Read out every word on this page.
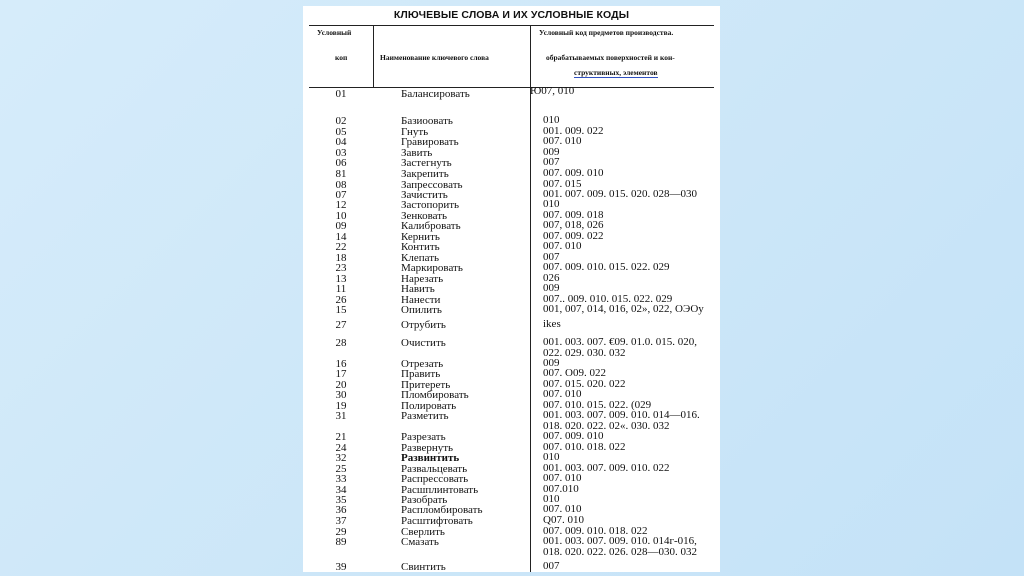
КЛЮЧЕВЫЕ СЛОВА И ИХ УСЛОВНЫЕ КОДЫ
Условный
коп	Наименование ключевого слова
Условный код предметов производства.
обрабатываемых поверхностей и кон-
структивных, элементов
01	Балансировать	Ю07, 010
02	Базиоовать	010
05	Гнуть	001. 009. 022
04	Гравировать	007. 010
03	Завить	009
06	Застегнуть	007
81	Закрепить	007. 009. 010
08	Запрессовать	007. 015
07	Зачистить	001. 007. 009. 015. 020. 028—030
12	Застопорить	010
10	Зенковать	007. 009. 018
09	Калибровать	007, 018, 026
14	Кернить	007. 009. 022
22	Контить	007. 010
18	Клепать	007
23	Маркировать	007. 009. 010. 015. 022. 029
13	Нарезать	026
11	Навить	009
26	Нанести	007.. 009. 010. 015. 022. 029
15	Опилить	001, 007, 014, 016, 02», 022, ОЭОу
27	Отрубить	ikes
28	Очистить	001. 003. 007. €09. 01.0. 015. 020,
022. 029. 030. 032
16	Отрезать	009
17	Править	007. О09. 022
20	Притереть	007. 015. 020. 022
30	Пломбировать	007. 010
19	Полировать	007. 010. 015. 022. (029
31	Разметить	001. 003. 007. 009. 010. 014—016.
018. 020. 022. 02«. 030. 032
21	Разрезать	007. 009. 010
24	Развернуть	007. 010. 018. 022
32	Развинтить	010
25	Развальцевать	001. 003. 007. 009. 010. 022
33	Распрессовать	007. 010
34	Расшплинтовать	007.010
35	Разобрать	010
36	Распломбировать	007. 010
37	Расштифтовать	Q07. 010
29	Сверлить	007. 009. 010. 018. 022
89	Смазать	001. 003. 007. 009. 010. 014г-016,
018. 020. 022. 026. 028—030. 032
39	Свинтить	007
